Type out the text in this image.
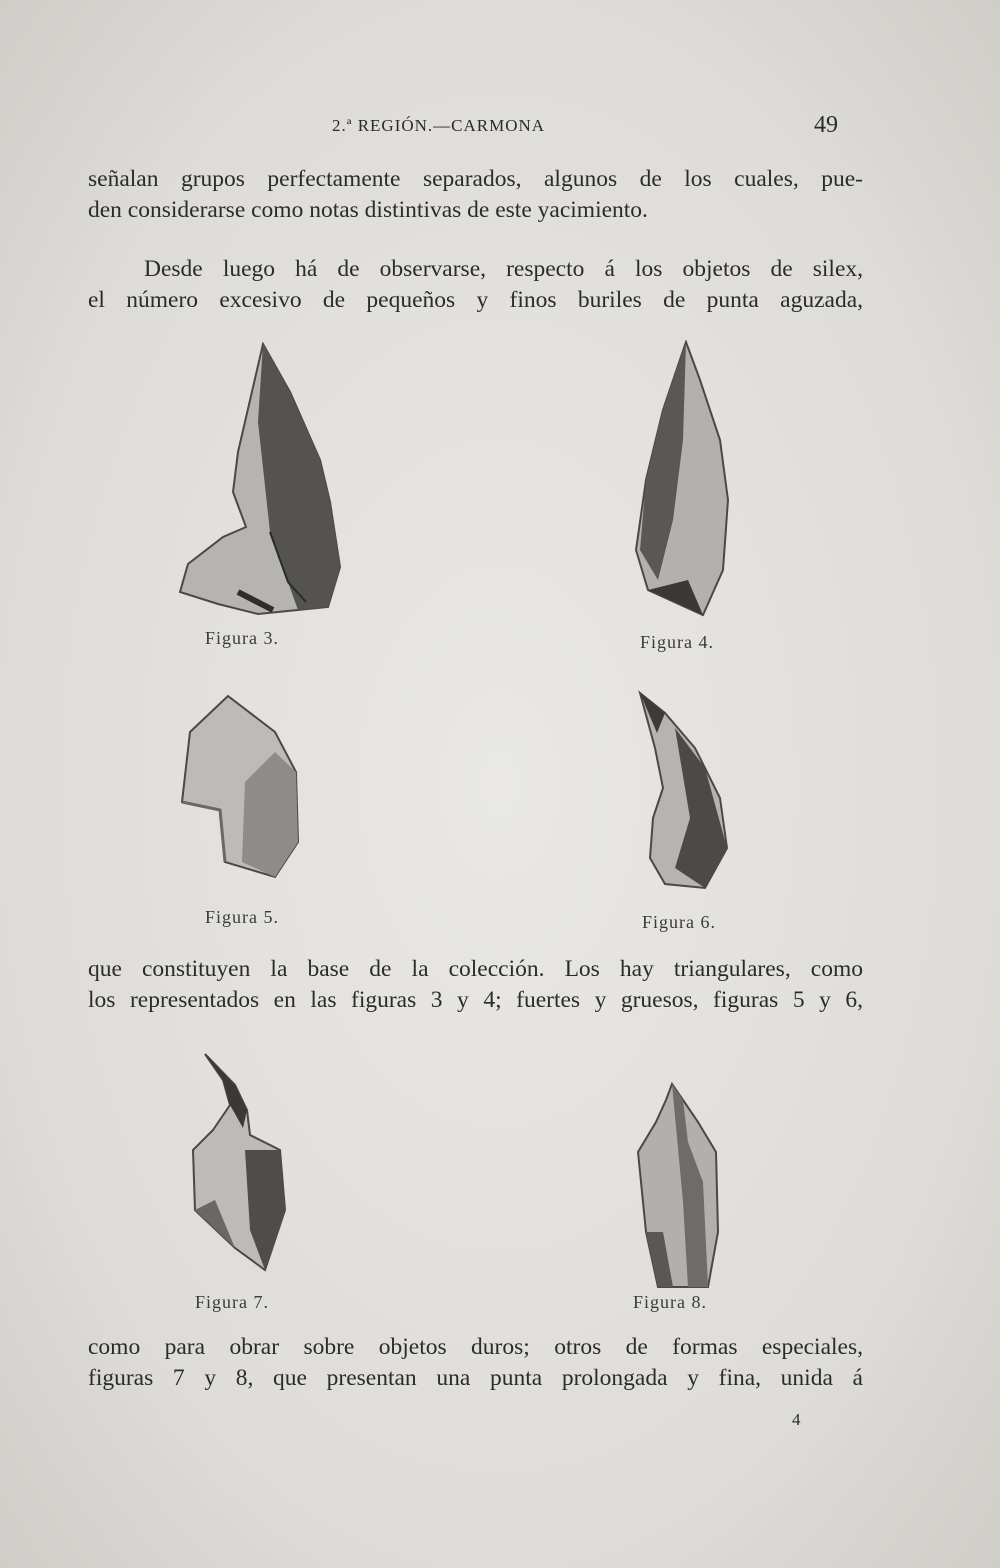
2.ª REGIÓN.—CARMONA	49

señalan grupos perfectamente separados, algunos de los cuales, pue-
den considerarse como notas distintivas de este yacimiento.

Desde luego há de observarse, respecto á los objetos de silex,
el número excesivo de pequeños y finos buriles de punta aguzada,

Figura 3.	Figura 4.
Figura 5.	Figura 6.

que constituyen la base de la colección. Los hay triangulares, como
los representados en las figuras 3 y 4; fuertes y gruesos, figuras 5 y 6,

Figura 7.	Figura 8.

como para obrar sobre objetos duros; otros de formas especiales,
figuras 7 y 8, que presentan una punta prolongada y fina, unida á

4
